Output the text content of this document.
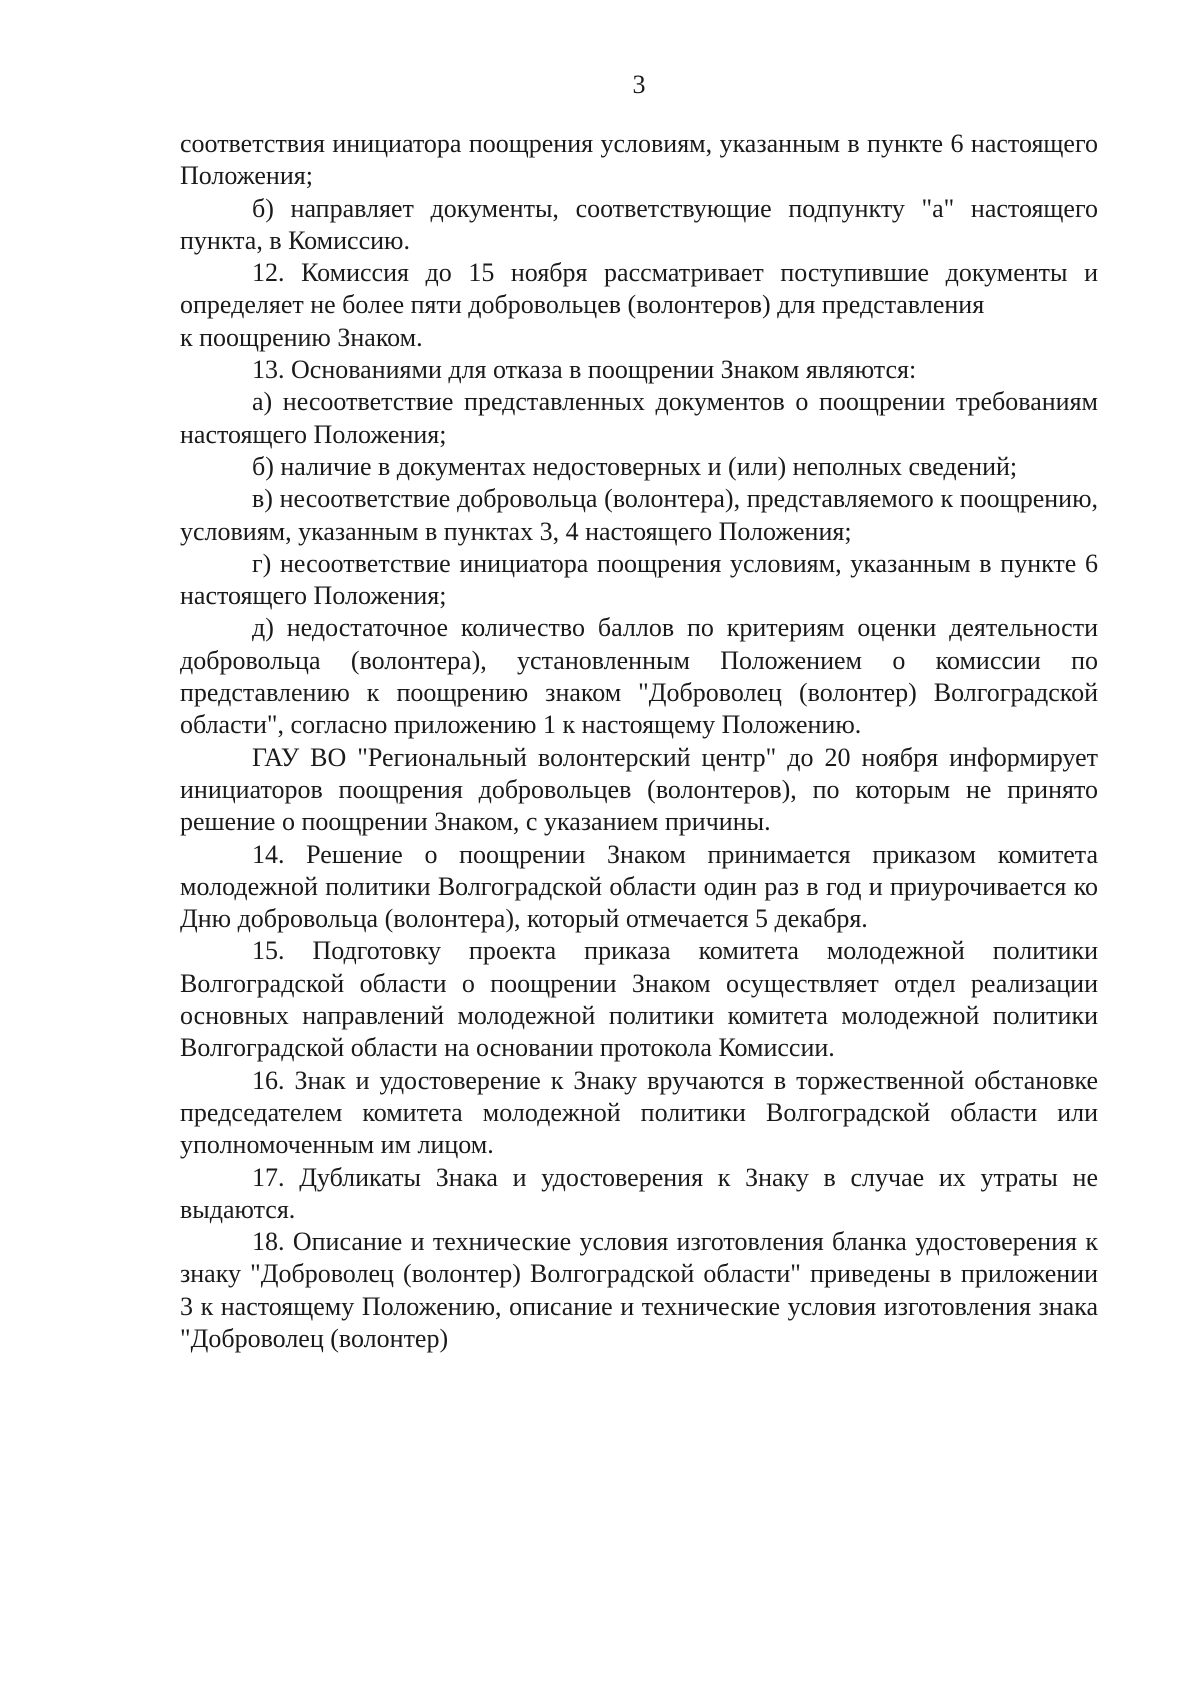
3

соответствия инициатора поощрения условиям, указанным в пункте 6 настоящего Положения;

б) направляет документы, соответствующие подпункту "а" настоящего пункта, в Комиссию.

12. Комиссия до 15 ноября рассматривает поступившие документы и определяет не более пяти добровольцев (волонтеров) для представления

к поощрению Знаком.

13. Основаниями для отказа в поощрении Знаком являются:

а) несоответствие представленных документов о поощрении требованиям настоящего Положения;

б) наличие в документах недостоверных и (или) неполных сведений;

в) несоответствие добровольца (волонтера), представляемого к поощрению, условиям, указанным в пунктах 3, 4 настоящего Положения;

г) несоответствие инициатора поощрения условиям, указанным в пункте 6 настоящего Положения;

д) недостаточное количество баллов по критериям оценки деятельности добровольца (волонтера), установленным Положением о комиссии по представлению к поощрению знаком "Доброволец (волонтер) Волгоградской области", согласно приложению 1 к настоящему Положению.

ГАУ ВО "Региональный волонтерский центр" до 20 ноября информирует инициаторов поощрения добровольцев (волонтеров), по которым не принято решение о поощрении Знаком, с указанием причины.

14. Решение о поощрении Знаком принимается приказом комитета молодежной политики Волгоградской области один раз в год и приурочивается ко Дню добровольца (волонтера), который отмечается 5 декабря.

15. Подготовку проекта приказа комитета молодежной политики Волгоградской области о поощрении Знаком осуществляет отдел реализации основных направлений молодежной политики комитета молодежной политики Волгоградской области на основании протокола Комиссии.

16. Знак и удостоверение к Знаку вручаются в торжественной обстановке председателем комитета молодежной политики Волгоградской области или уполномоченным им лицом.

17. Дубликаты Знака и удостоверения к Знаку в случае их утраты не выдаются.

18. Описание и технические условия изготовления бланка удостоверения к знаку "Доброволец (волонтер) Волгоградской области" приведены в приложении 3 к настоящему Положению, описание и технические условия изготовления знака "Доброволец (волонтер)
